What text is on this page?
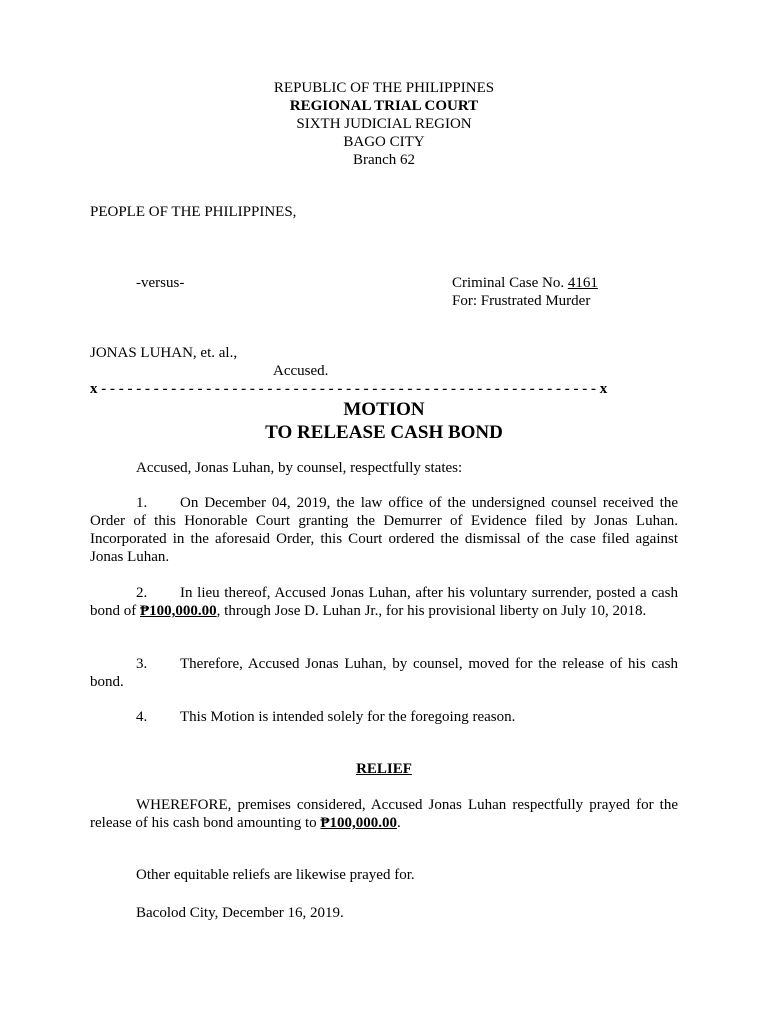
REPUBLIC OF THE PHILIPPINES
REGIONAL TRIAL COURT
SIXTH JUDICIAL REGION
BAGO CITY
Branch 62
PEOPLE OF THE PHILIPPINES,
-versus-	Criminal Case No. 4161
For: Frustrated Murder
JONAS LUHAN, et. al.,
Accused.
x - - - - - - - - - - - - - - - - - - - - - - - - - - - - - - - - - - - - - - - - - - - - - - - - - - - - - - - - - x
MOTION
TO RELEASE CASH BOND
Accused, Jonas Luhan, by counsel, respectfully states:
1. On December 04, 2019, the law office of the undersigned counsel received the Order of this Honorable Court granting the Demurrer of Evidence filed by Jonas Luhan. Incorporated in the aforesaid Order, this Court ordered the dismissal of the case filed against Jonas Luhan.
2. In lieu thereof, Accused Jonas Luhan, after his voluntary surrender, posted a cash bond of ₱100,000.00, through Jose D. Luhan Jr., for his provisional liberty on July 10, 2018.
3. Therefore, Accused Jonas Luhan, by counsel, moved for the release of his cash bond.
4. This Motion is intended solely for the foregoing reason.
RELIEF
WHEREFORE, premises considered, Accused Jonas Luhan respectfully prayed for the release of his cash bond amounting to ₱100,000.00.
Other equitable reliefs are likewise prayed for.
Bacolod City, December 16, 2019.
